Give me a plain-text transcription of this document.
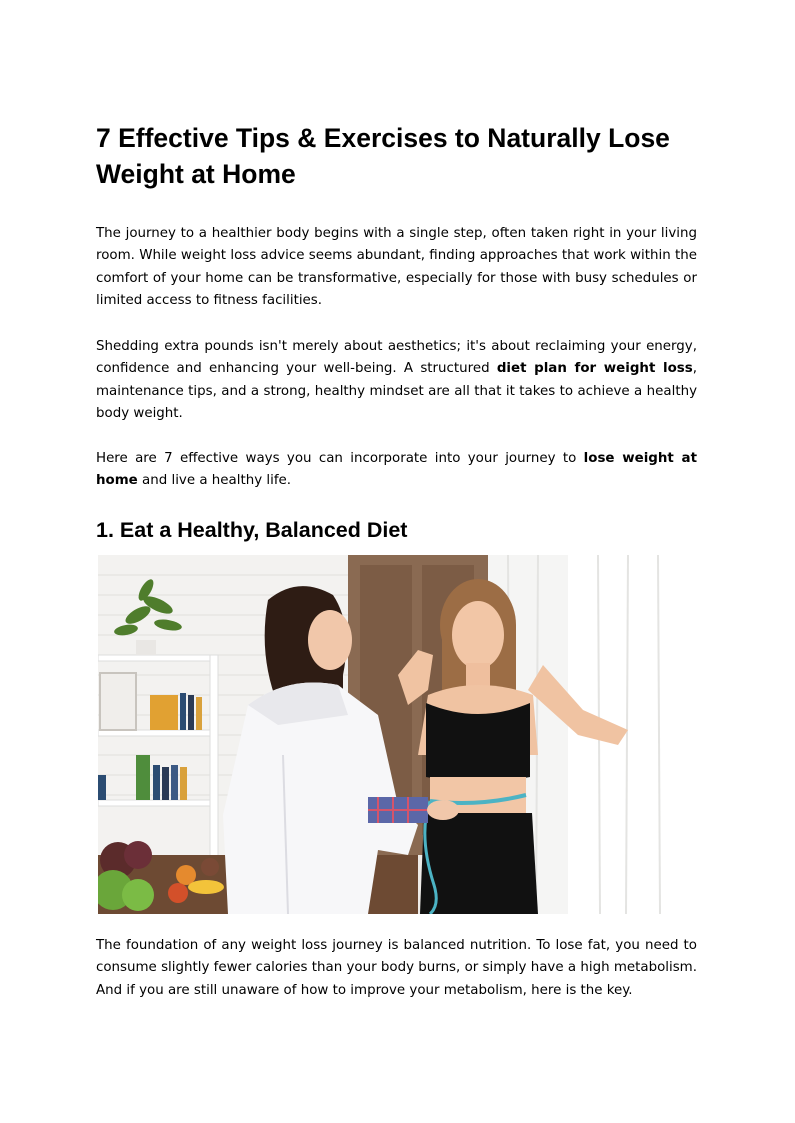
7 Effective Tips & Exercises to Naturally Lose Weight at Home

The journey to a healthier body begins with a single step, often taken right in your living room. While weight loss advice seems abundant, finding approaches that work within the comfort of your home can be transformative, especially for those with busy schedules or limited access to fitness facilities.

Shedding extra pounds isn't merely about aesthetics; it's about reclaiming your energy, confidence and enhancing your well-being. A structured diet plan for weight loss, maintenance tips, and a strong, healthy mindset are all that it takes to achieve a healthy body weight.

Here are 7 effective ways you can incorporate into your journey to lose weight at home and live a healthy life.

1. Eat a Healthy, Balanced Diet

The foundation of any weight loss journey is balanced nutrition. To lose fat, you need to consume slightly fewer calories than your body burns, or simply have a high metabolism. And if you are still unaware of how to improve your metabolism, here is the key.
